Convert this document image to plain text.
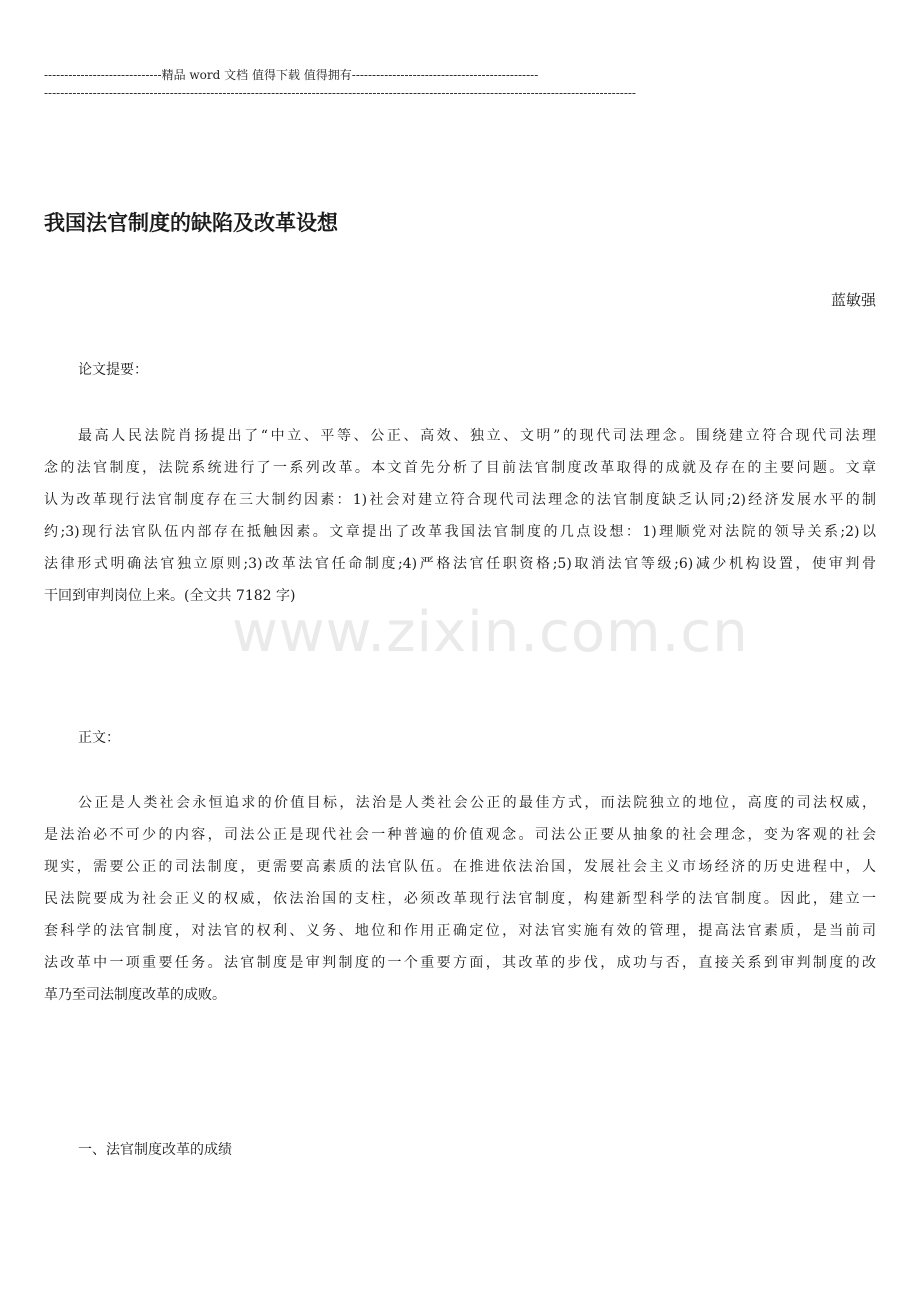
-----------------------------精品 word 文档 值得下载 值得拥有----------------------------------------------
--------------------------------------------------------------------------------------------------------------------------------------------------
我国法官制度的缺陷及改革设想
蓝敏强
论文提要：
最高人民法院肖扬提出了“中立、平等、公正、高效、独立、文明”的现代司法理念。围绕建立符合现代司法理
念的法官制度，法院系统进行了一系列改革。本文首先分析了目前法官制度改革取得的成就及存在的主要问题。文章
认为改革现行法官制度存在三大制约因素：1)社会对建立符合现代司法理念的法官制度缺乏认同;2)经济发展水平的制
约;3)现行法官队伍内部存在抵触因素。文章提出了改革我国法官制度的几点设想：1)理顺党对法院的领导关系;2)以
法律形式明确法官独立原则;3)改革法官任命制度;4)严格法官任职资格;5)取消法官等级;6)减少机构设置，使审判骨
干回到审判岗位上来。(全文共 7182 字)
正文：
公正是人类社会永恒追求的价值目标，法治是人类社会公正的最佳方式，而法院独立的地位，高度的司法权威，
是法治必不可少的内容，司法公正是现代社会一种普遍的价值观念。司法公正要从抽象的社会理念，变为客观的社会
现实，需要公正的司法制度，更需要高素质的法官队伍。在推进依法治国，发展社会主义市场经济的历史进程中，人
民法院要成为社会正义的权威，依法治国的支柱，必须改革现行法官制度，构建新型科学的法官制度。因此，建立一
套科学的法官制度，对法官的权利、义务、地位和作用正确定位，对法官实施有效的管理，提高法官素质，是当前司
法改革中一项重要任务。法官制度是审判制度的一个重要方面，其改革的步伐，成功与否，直接关系到审判制度的改
革乃至司法制度改革的成败。
一、法官制度改革的成绩
www.zixin.com.cn
